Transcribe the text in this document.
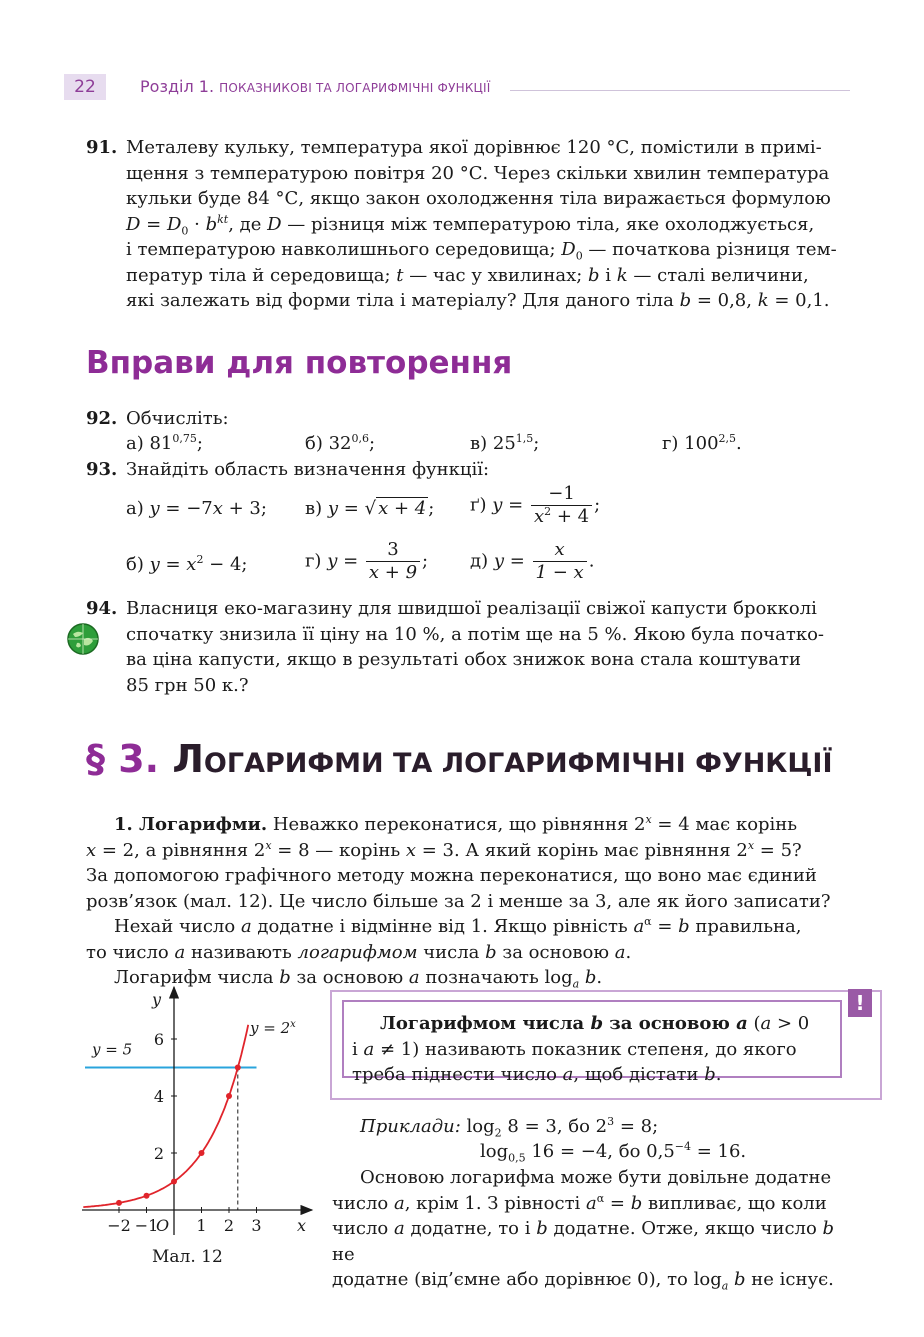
22	Розділ 1. ПОКАЗНИКОВІ ТА ЛОГАРИФМІЧНІ ФУНКЦІЇ
91. Металеву кульку, температура якої дорівнює 120 °С, помістили в примі-
щення з температурою повітря 20 °С. Через скільки хвилин температура
кульки буде 84 °С, якщо закон охолодження тіла виражається формулою
$D = D_0 \cdot b^{kt}$, де D — різниця між температурою тіла, яке охолоджується,
і температурою навколишнього середовища; $D_0$ — початкова різниця тем-
ператур тіла й середовища; t — час у хвилинах; b і k — сталі величини,
які залежать від форми тіла і матеріалу? Для даного тіла b = 0,8, k = 0,1.
Вправи для повторення
92. Обчисліть:
а) 81$^{0,75}$;	б) 32$^{0,6}$;	в) 25$^{1,5}$;	г) 100$^{2,5}$.
93. Знайдіть область визначення функції:
а) y = −7x + 3; в) y = √ x + 4 ; ґ) $y = \frac{-1}{x^2 + 4}$ ;
б) $y = x^2 - 4$;	г) $y = \frac{3}{x + 9}$ ; д) $y = \frac{x}{1 - x}$ .
94. Власниця еко-магазину для швидшої реалізації свіжої капусти брокколі
спочатку знизила її ціну на 10 %, а потім ще на 5 %. Якою була початко-
ва ціна капусти, якщо в результаті обох знижок вона стала коштувати
85 грн 50 к.?
§ 3. ЛОГАРИФМИ ТА ЛОГАРИФМІЧНІ ФУНКЦІЇ
1. Логарифми. Неважко переконатися, що рівняння $2^x = 4$ має корінь
x = 2, а рівняння $2^x = 8$ — корінь x = 3. А який корінь має рівняння $2^x = 5$?
За допомогою графічного методу можна переконатися, що воно має єдиний
розв’язок (мал. 12). Це число більше за 2 і менше за 3, але як його записати?
Нехай число a додатне і відмінне від 1. Якщо рівність $a^\alpha = b$ правильна,
то число a називають логарифмом числа b за основою a.
Логарифм числа b за основою a позначають $\log_a b$.
!
Логарифмом числа b за основою a (a > 0
і a ≠ 1) називають показник степеня, до якого
треба піднести число a, щоб дістати b.
Приклади: $\log_2 8 = 3$, бо $2^3 = 8$;
$\log_{0,5} 16 = -4$, бо $0,5^{-4} = 16$.
Основою логарифма може бути довільне додатне
число a, крім 1. З рівності $a^\alpha = b$ випливає, що коли
число a додатне, то і b додатне. Отже, якщо число b не
додатне (від’ємне або дорівнює 0), то $\log_a b$ не існує.
−2 −1 1 2 3
2
4
6
O	x
y
y = 5
$y = 2^x$
Мал. 12
